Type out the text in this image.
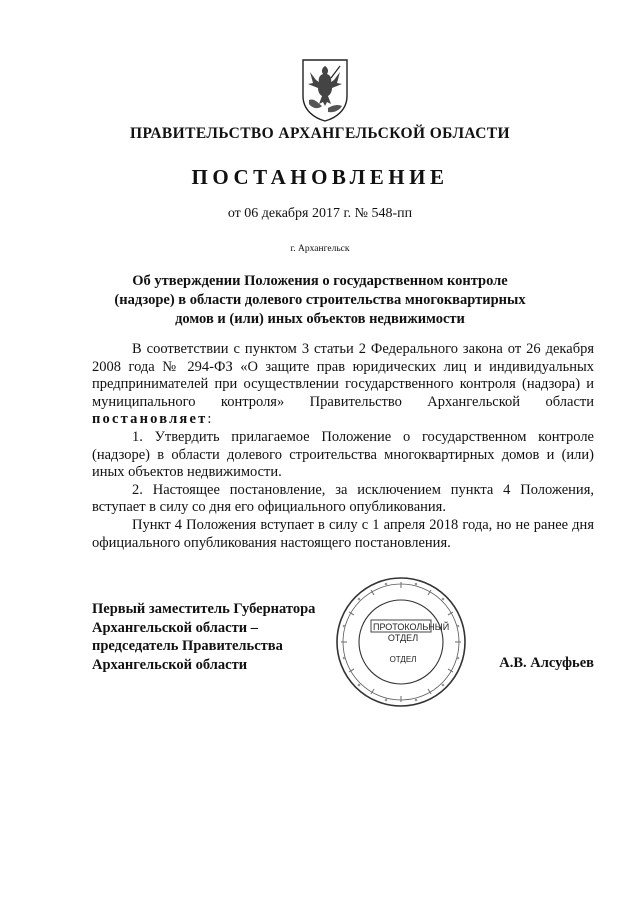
ПРАВИТЕЛЬСТВО АРХАНГЕЛЬСКОЙ ОБЛАСТИ
ПОСТАНОВЛЕНИЕ
от 06 декабря 2017 г. № 548-пп
г. Архангельск
Об утверждении Положения о государственном контроле
(надзоре) в области долевого строительства многоквартирных
домов и (или) иных объектов недвижимости

В соответствии с пунктом 3 статьи 2 Федерального закона от 26 декабря 2008 года № 294-ФЗ «О защите прав юридических лиц и индивидуальных предпринимателей при осуществлении государственного контроля (надзора) и муниципального контроля» Правительство Архангельской области постановляет:

1. Утвердить прилагаемое Положение о государственном контроле (надзоре) в области долевого строительства многоквартирных домов и (или) иных объектов недвижимости.

2. Настоящее постановление, за исключением пункта 4 Положения, вступает в силу со дня его официального опубликования.

Пункт 4 Положения вступает в силу с 1 апреля 2018 года, но не ранее дня официального опубликования настоящего постановления.

Первый заместитель Губернатора
Архангельской области –
председатель Правительства
Архангельской области
ПРОТОКОЛЬНЫЙ
ОТДЕЛ
ОТДЕЛ	А.В. Алсуфьев
